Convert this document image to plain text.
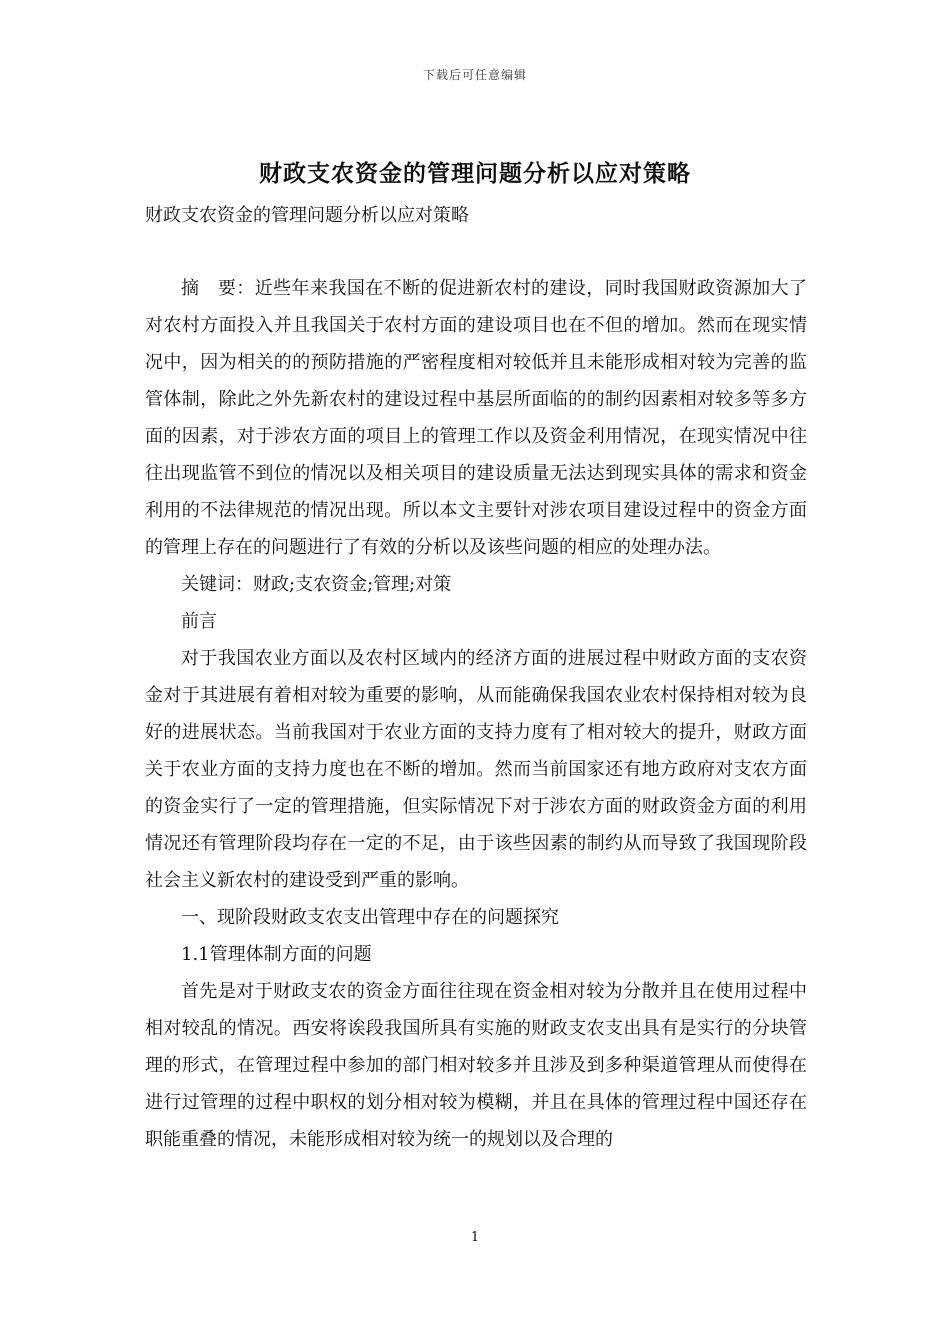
下载后可任意编辑
财政支农资金的管理问题分析以应对策略
财政支农资金的管理问题分析以应对策略

摘　要：近些年来我国在不断的促进新农村的建设，同时我国财政资源加大了对农村方面投入并且我国关于农村方面的建设项目也在不但的增加。然而在现实情况中，因为相关的的预防措施的严密程度相对较低并且未能形成相对较为完善的监管体制，除此之外先新农村的建设过程中基层所面临的的制约因素相对较多等多方面的因素，对于涉农方面的项目上的管理工作以及资金利用情况，在现实情况中往往出现监管不到位的情况以及相关项目的建设质量无法达到现实具体的需求和资金利用的不法律规范的情况出现。所以本文主要针对涉农项目建设过程中的资金方面的管理上存在的问题进行了有效的分析以及该些问题的相应的处理办法。

关键词：财政;支农资金;管理;对策

前言

对于我国农业方面以及农村区域内的经济方面的进展过程中财政方面的支农资金对于其进展有着相对较为重要的影响，从而能确保我国农业农村保持相对较为良好的进展状态。当前我国对于农业方面的支持力度有了相对较大的提升，财政方面关于农业方面的支持力度也在不断的增加。然而当前国家还有地方政府对支农方面的资金实行了一定的管理措施，但实际情况下对于涉农方面的财政资金方面的利用情况还有管理阶段均存在一定的不足，由于该些因素的制约从而导致了我国现阶段社会主义新农村的建设受到严重的影响。

一、现阶段财政支农支出管理中存在的问题探究

1.1管理体制方面的问题

首先是对于财政支农的资金方面往往现在资金相对较为分散并且在使用过程中相对较乱的情况。西安将诶段我国所具有实施的财政支农支出具有是实行的分块管理的形式，在管理过程中参加的部门相对较多并且涉及到多种渠道管理从而使得在进行过管理的过程中职权的划分相对较为模糊，并且在具体的管理过程中国还存在职能重叠的情况，未能形成相对较为统一的规划以及合理的

1
